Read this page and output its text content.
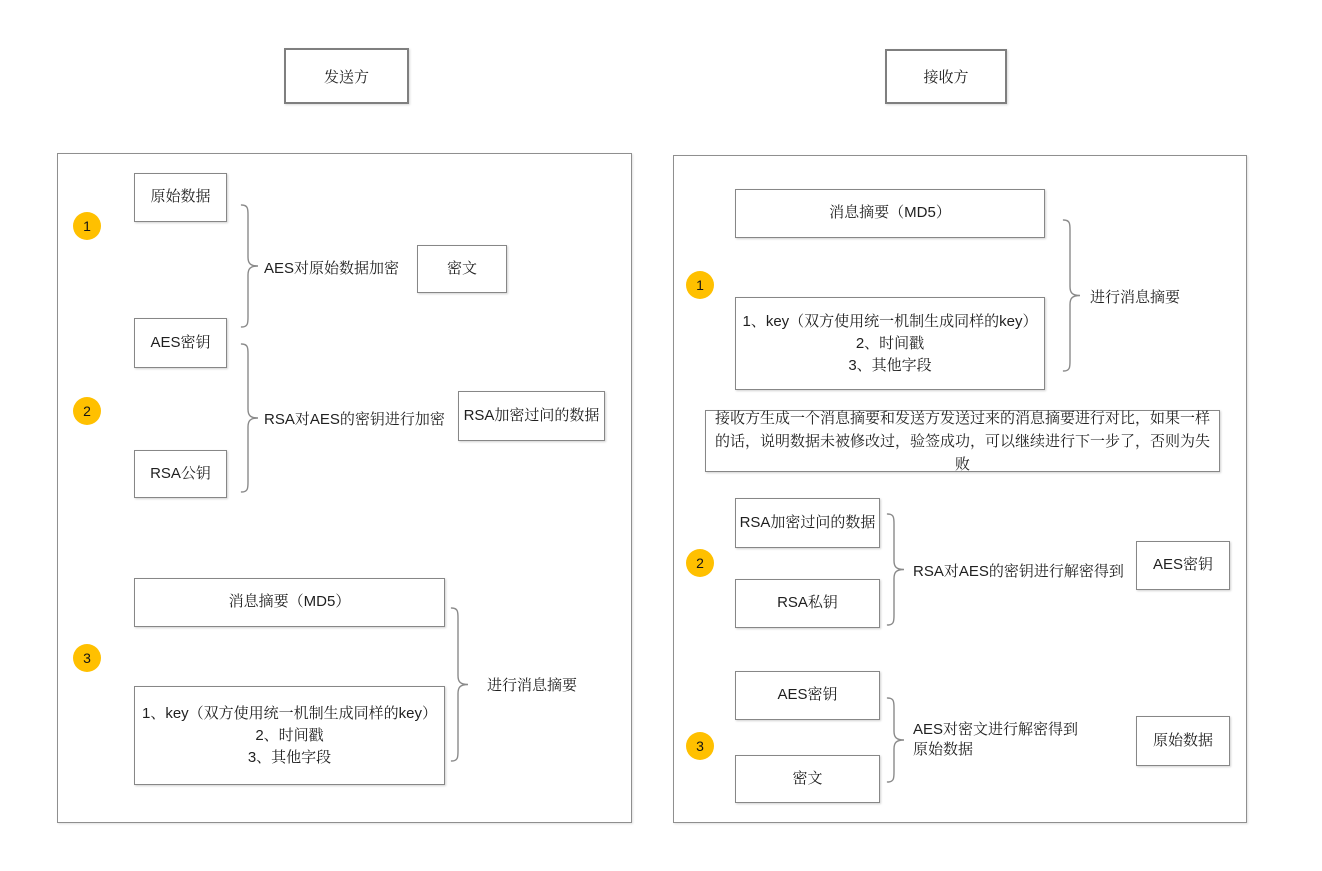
发送方	接收方
1
原始数据
AES对原始数据加密	密文
AES密钥
2	RSA对AES的密钥进行加密
RSA公钥
RSA加密过问的数据
消息摘要（MD5）
3
1、key（双方使用统一机制生成同样的key）
2、时间戳
3、其他字段
进行消息摘要
消息摘要（MD5）
1
1、key（双方使用统一机制生成同样的key）
2、时间戳
3、其他字段
进行消息摘要
接收方生成一个消息摘要和发送方发送过来的消息摘要进行对比，如果一样的话，说明数据未被修改过，验签成功，可以继续进行下一步了，否则为失败
RSA加密过问的数据
2
RSA私钥
RSA对AES的密钥进行解密得到 AES密钥
AES密钥
3
密文
AES对密文进行解密得到原始数据
原始数据
